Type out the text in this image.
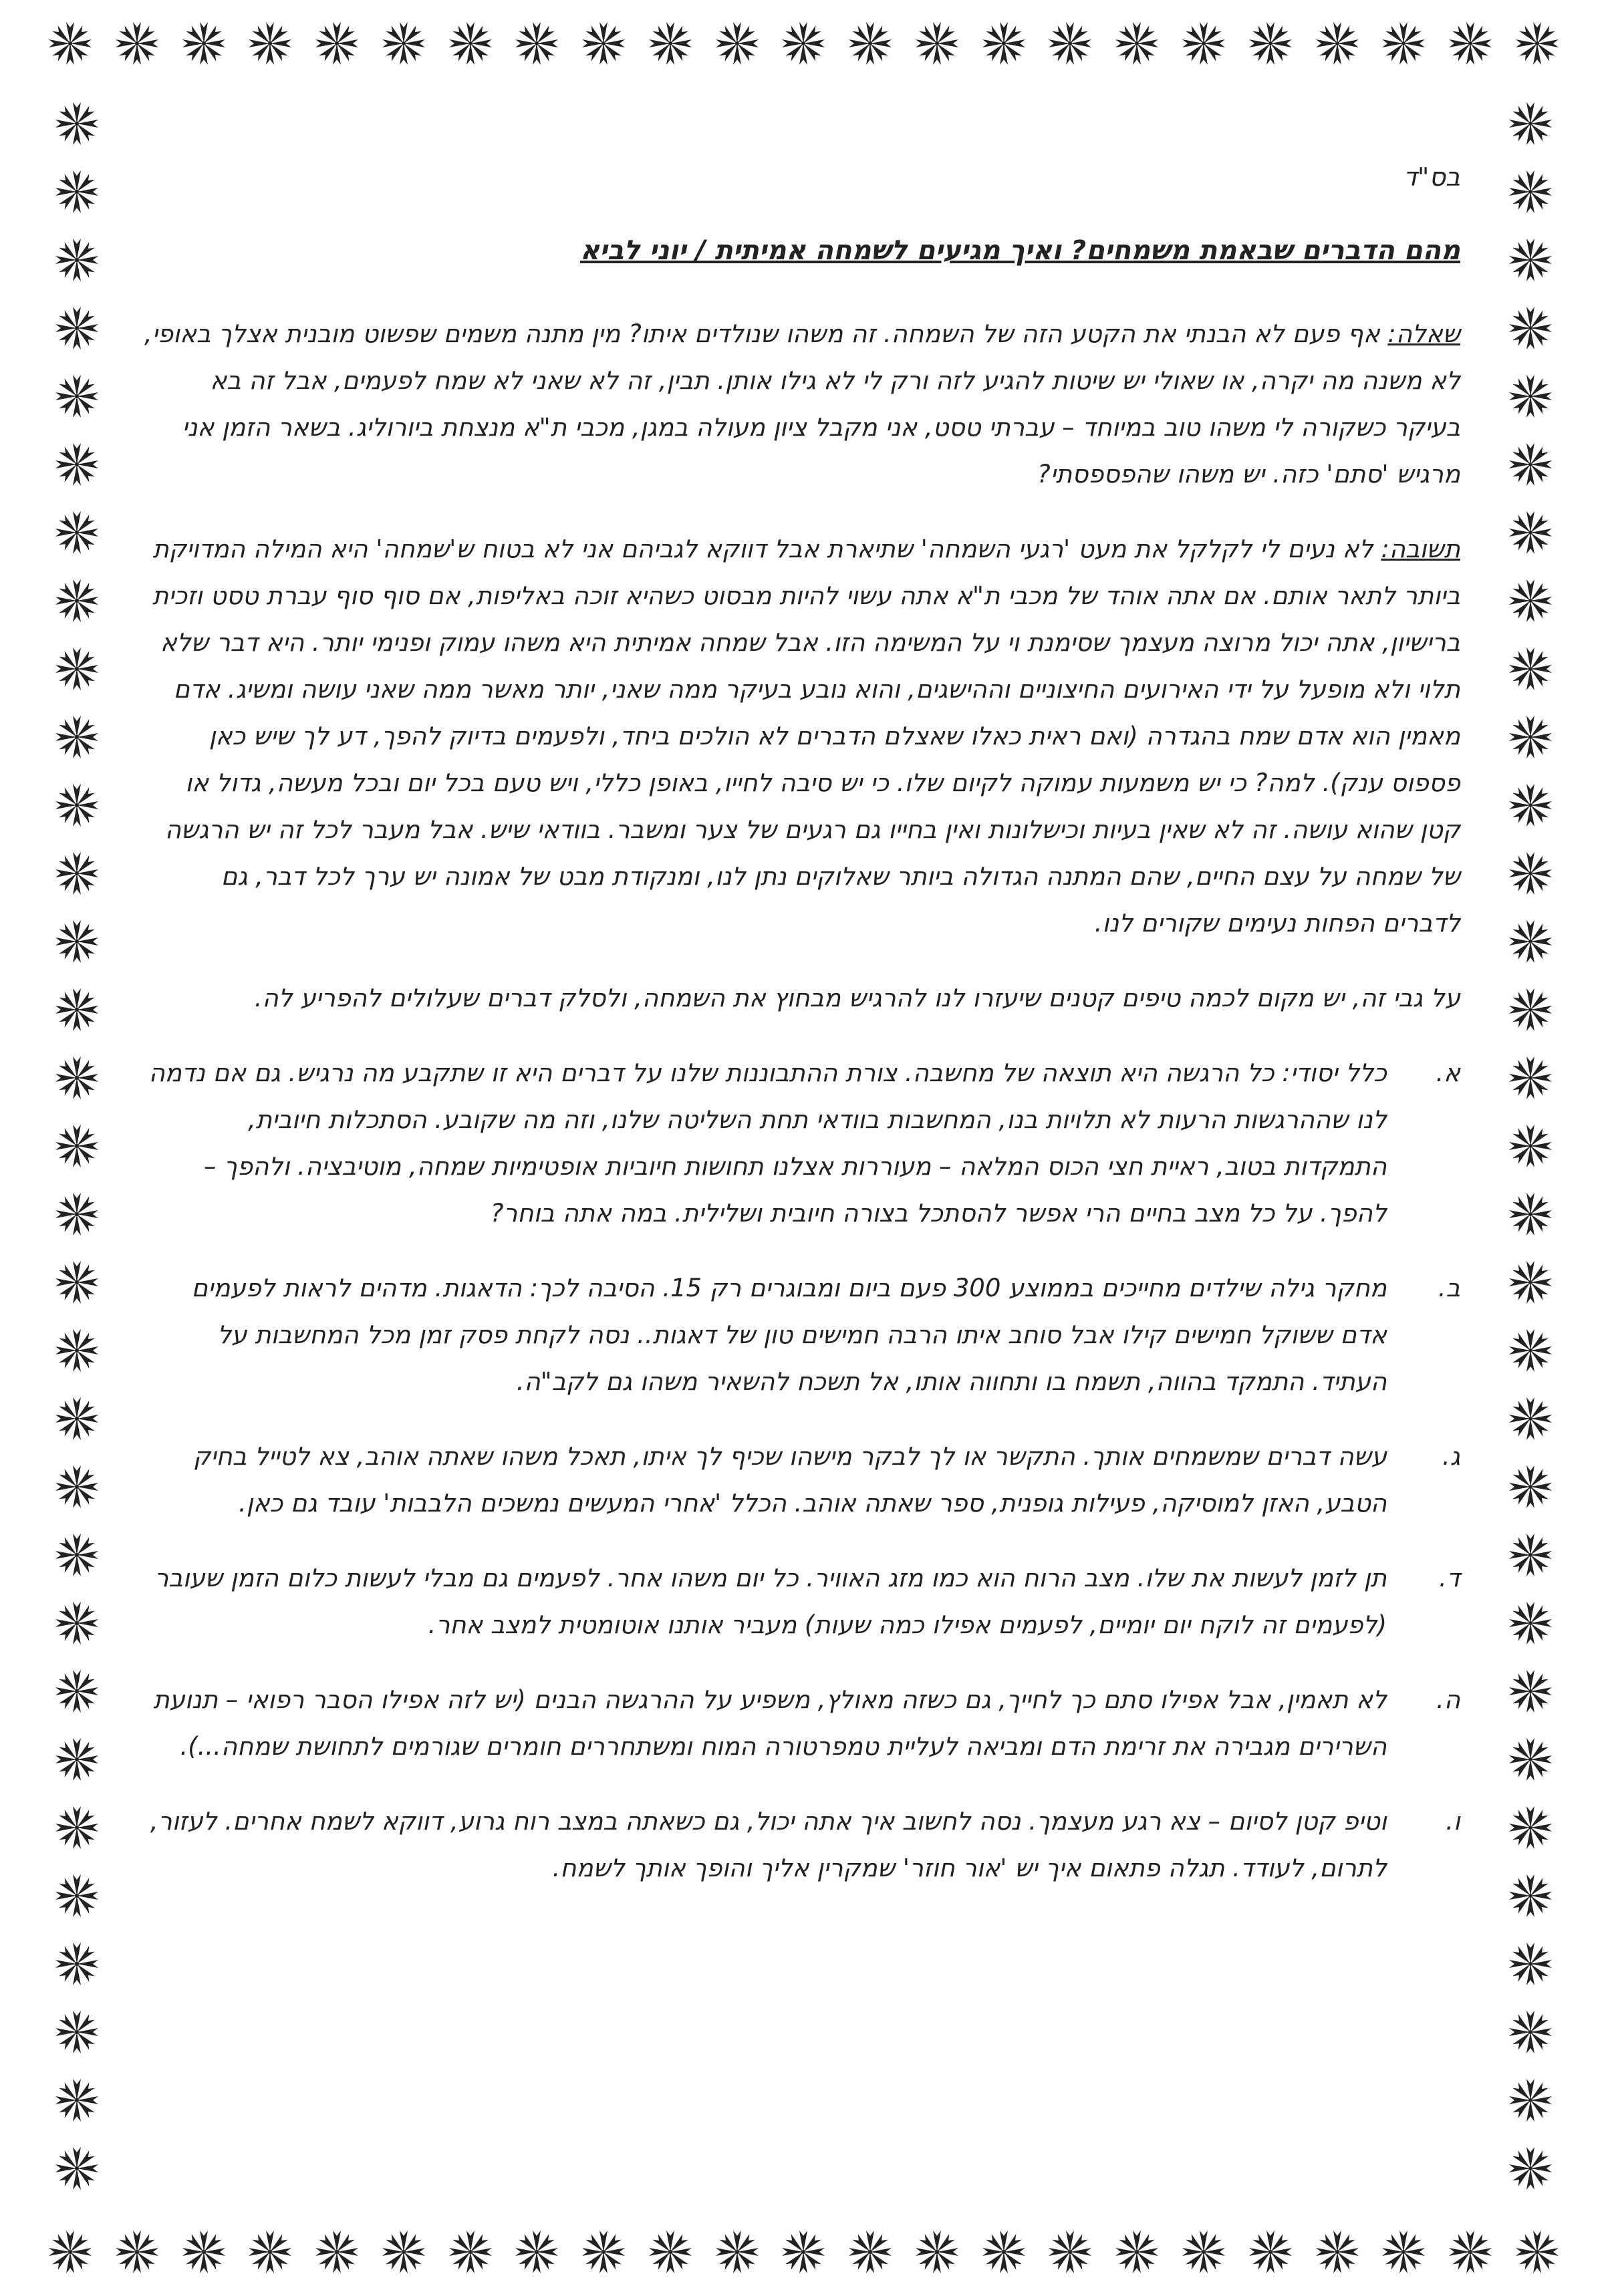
בס"ד
מהם הדברים שבאמת משמחים? ואיך מגיעים לשמחה אמיתית / יוני לביא
שאלה: אף פעם לא הבנתי את הקטע הזה של השמחה. זה משהו שנולדים איתו? מין מתנה משמים שפשוט מובנית אצלך באופי, לא משנה מה יקרה, או שאולי יש שיטות להגיע לזה ורק לי לא גילו אותן. תבין, זה לא שאני לא שמח לפעמים, אבל זה בא בעיקר כשקורה לי משהו טוב במיוחד – עברתי טסט, אני מקבל ציון מעולה במגן, מכבי ת"א מנצחת ביורוליג. בשאר הזמן אני מרגיש 'סתם' כזה. יש משהו שהפספסתי?
תשובה: לא נעים לי לקלקל את מעט 'רגעי השמחה' שתיארת אבל דווקא לגביהם אני לא בטוח ש'שמחה' היא המילה המדויקת ביותר לתאר אותם. אם אתה אוהד של מכבי ת"א אתה עשוי להיות מבסוט כשהיא זוכה באליפות, אם סוף סוף עברת טסט וזכית ברישיון, אתה יכול מרוצה מעצמך שסימנת וי על המשימה הזו. אבל שמחה אמיתית היא משהו עמוק ופנימי יותר. היא דבר שלא תלוי ולא מופעל על ידי האירועים החיצוניים וההישגים, והוא נובע בעיקר ממה שאני, יותר מאשר ממה שאני עושה ומשיג. אדם מאמין הוא אדם שמח בהגדרה (ואם ראית כאלו שאצלם הדברים לא הולכים ביחד, ולפעמים בדיוק להפך, דע לך שיש כאן פספוס ענק). למה? כי יש משמעות עמוקה לקיום שלו. כי יש סיבה לחייו, באופן כללי, ויש טעם בכל יום ובכל מעשה, גדול או קטן שהוא עושה. זה לא שאין בעיות וכישלונות ואין בחייו גם רגעים של צער ומשבר. בוודאי שיש. אבל מעבר לכל זה יש הרגשה של שמחה על עצם החיים, שהם המתנה הגדולה ביותר שאלוקים נתן לנו, ומנקודת מבט של אמונה יש ערך לכל דבר, גם לדברים הפחות נעימים שקורים לנו.
על גבי זה, יש מקום לכמה טיפים קטנים שיעזרו לנו להרגיש מבחוץ את השמחה, ולסלק דברים שעלולים להפריע לה.
א.
כלל יסודי: כל הרגשה היא תוצאה של מחשבה. צורת ההתבוננות שלנו על דברים היא זו שתקבע מה נרגיש. גם אם נדמה לנו שההרגשות הרעות לא תלויות בנו, המחשבות בוודאי תחת השליטה שלנו, וזה מה שקובע. הסתכלות חיובית, התמקדות בטוב, ראיית חצי הכוס המלאה – מעוררות אצלנו תחושות חיוביות אופטימיות שמחה, מוטיבציה. ולהפך – להפך. על כל מצב בחיים הרי אפשר להסתכל בצורה חיובית ושלילית. במה אתה בוחר?
ב.
מחקר גילה שילדים מחייכים בממוצע 300 פעם ביום ומבוגרים רק 15. הסיבה לכך: הדאגות. מדהים לראות לפעמים אדם ששוקל חמישים קילו אבל סוחב איתו הרבה חמישים טון של דאגות.. נסה לקחת פסק זמן מכל המחשבות על העתיד. התמקד בהווה, תשמח בו ותחווה אותו, אל תשכח להשאיר משהו גם לקב"ה.
ג.
עשה דברים שמשמחים אותך. התקשר או לך לבקר מישהו שכיף לך איתו, תאכל משהו שאתה אוהב, צא לטייל בחיק הטבע, האזן למוסיקה, פעילות גופנית, ספר שאתה אוהב. הכלל 'אחרי המעשים נמשכים הלבבות' עובד גם כאן.
ד.
תן לזמן לעשות את שלו. מצב הרוח הוא כמו מזג האוויר. כל יום משהו אחר. לפעמים גם מבלי לעשות כלום הזמן שעובר (לפעמים זה לוקח יום יומיים, לפעמים אפילו כמה שעות) מעביר אותנו אוטומטית למצב אחר.
ה.
לא תאמין, אבל אפילו סתם כך לחייך, גם כשזה מאולץ, משפיע על ההרגשה הבנים (יש לזה אפילו הסבר רפואי – תנועת השרירים מגבירה את זרימת הדם ומביאה לעליית טמפרטורה המוח ומשתחררים חומרים שגורמים לתחושת שמחה...).
ו.
וטיפ קטן לסיום – צא רגע מעצמך. נסה לחשוב איך אתה יכול, גם כשאתה במצב רוח גרוע, דווקא לשמח אחרים. לעזור, לתרום, לעודד. תגלה פתאום איך יש 'אור חוזר' שמקרין אליך והופך אותך לשמח.
